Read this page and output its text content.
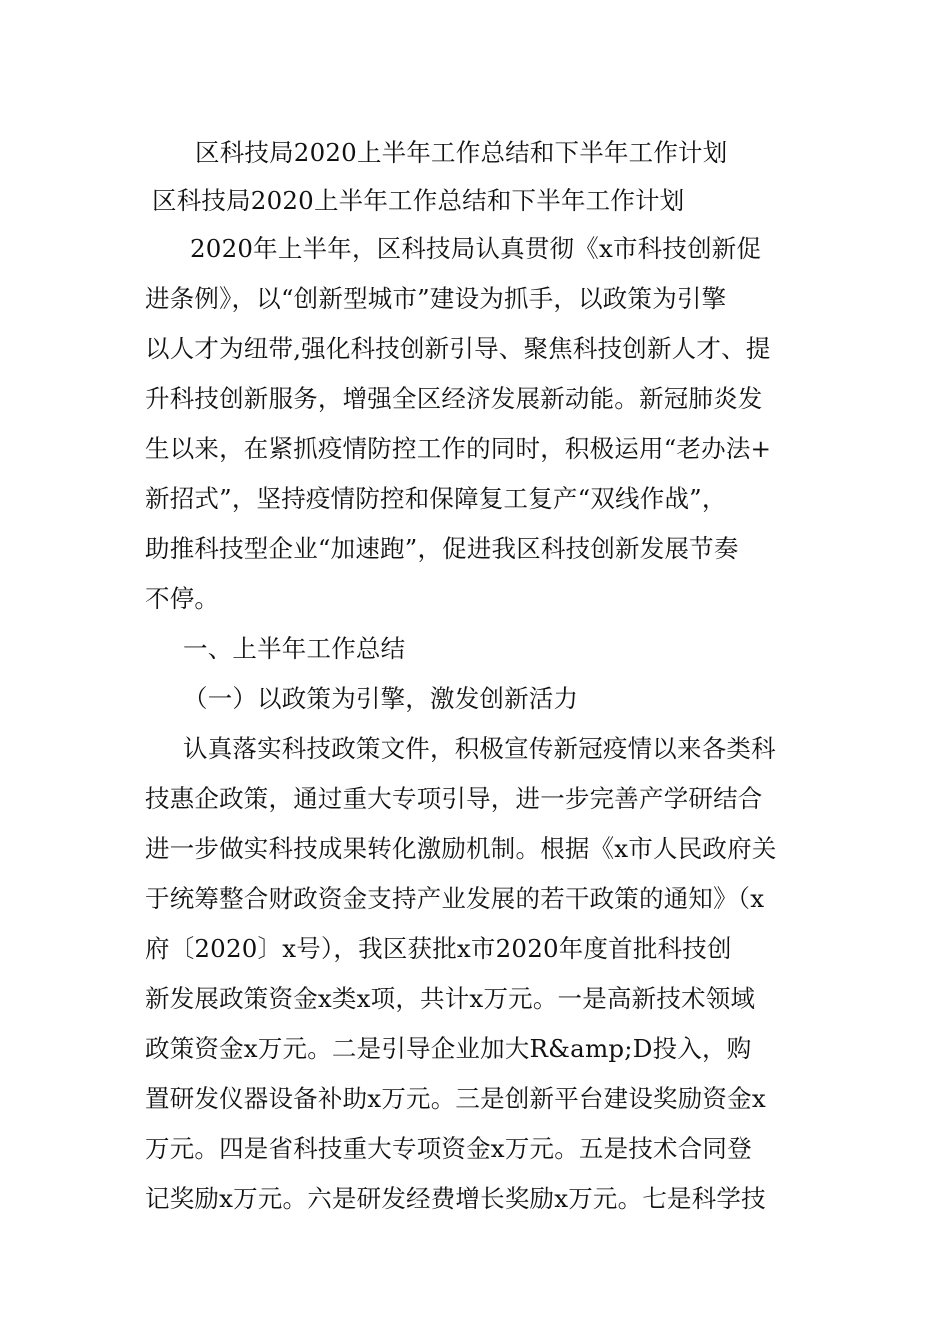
区科技局2020上半年工作总结和下半年工作计划
区科技局2020上半年工作总结和下半年工作计划
2020年上半年，区科技局认真贯彻《x市科技创新促
进条例》，以“创新型城市”建设为抓手，以政策为引擎
以人才为纽带,强化科技创新引导、聚焦科技创新人才、提
升科技创新服务，增强全区经济发展新动能。新冠肺炎发
生以来，在紧抓疫情防控工作的同时，积极运用“老办法+
新招式”，坚持疫情防控和保障复工复产“双线作战”，
助推科技型企业“加速跑”，促进我区科技创新发展节奏
不停。
一、上半年工作总结
（一）以政策为引擎，激发创新活力
认真落实科技政策文件，积极宣传新冠疫情以来各类科
技惠企政策，通过重大专项引导，进一步完善产学研结合
进一步做实科技成果转化激励机制。根据《x市人民政府关
于统筹整合财政资金支持产业发展的若干政策的通知》（x
府〔2020〕x号），我区获批x市2020年度首批科技创
新发展政策资金x类x项，共计x万元。一是高新技术领域
政策资金x万元。二是引导企业加大R&amp;D投入，购
置研发仪器设备补助x万元。三是创新平台建设奖励资金x
万元。四是省科技重大专项资金x万元。五是技术合同登
记奖励x万元。六是研发经费增长奖励x万元。七是科学技
